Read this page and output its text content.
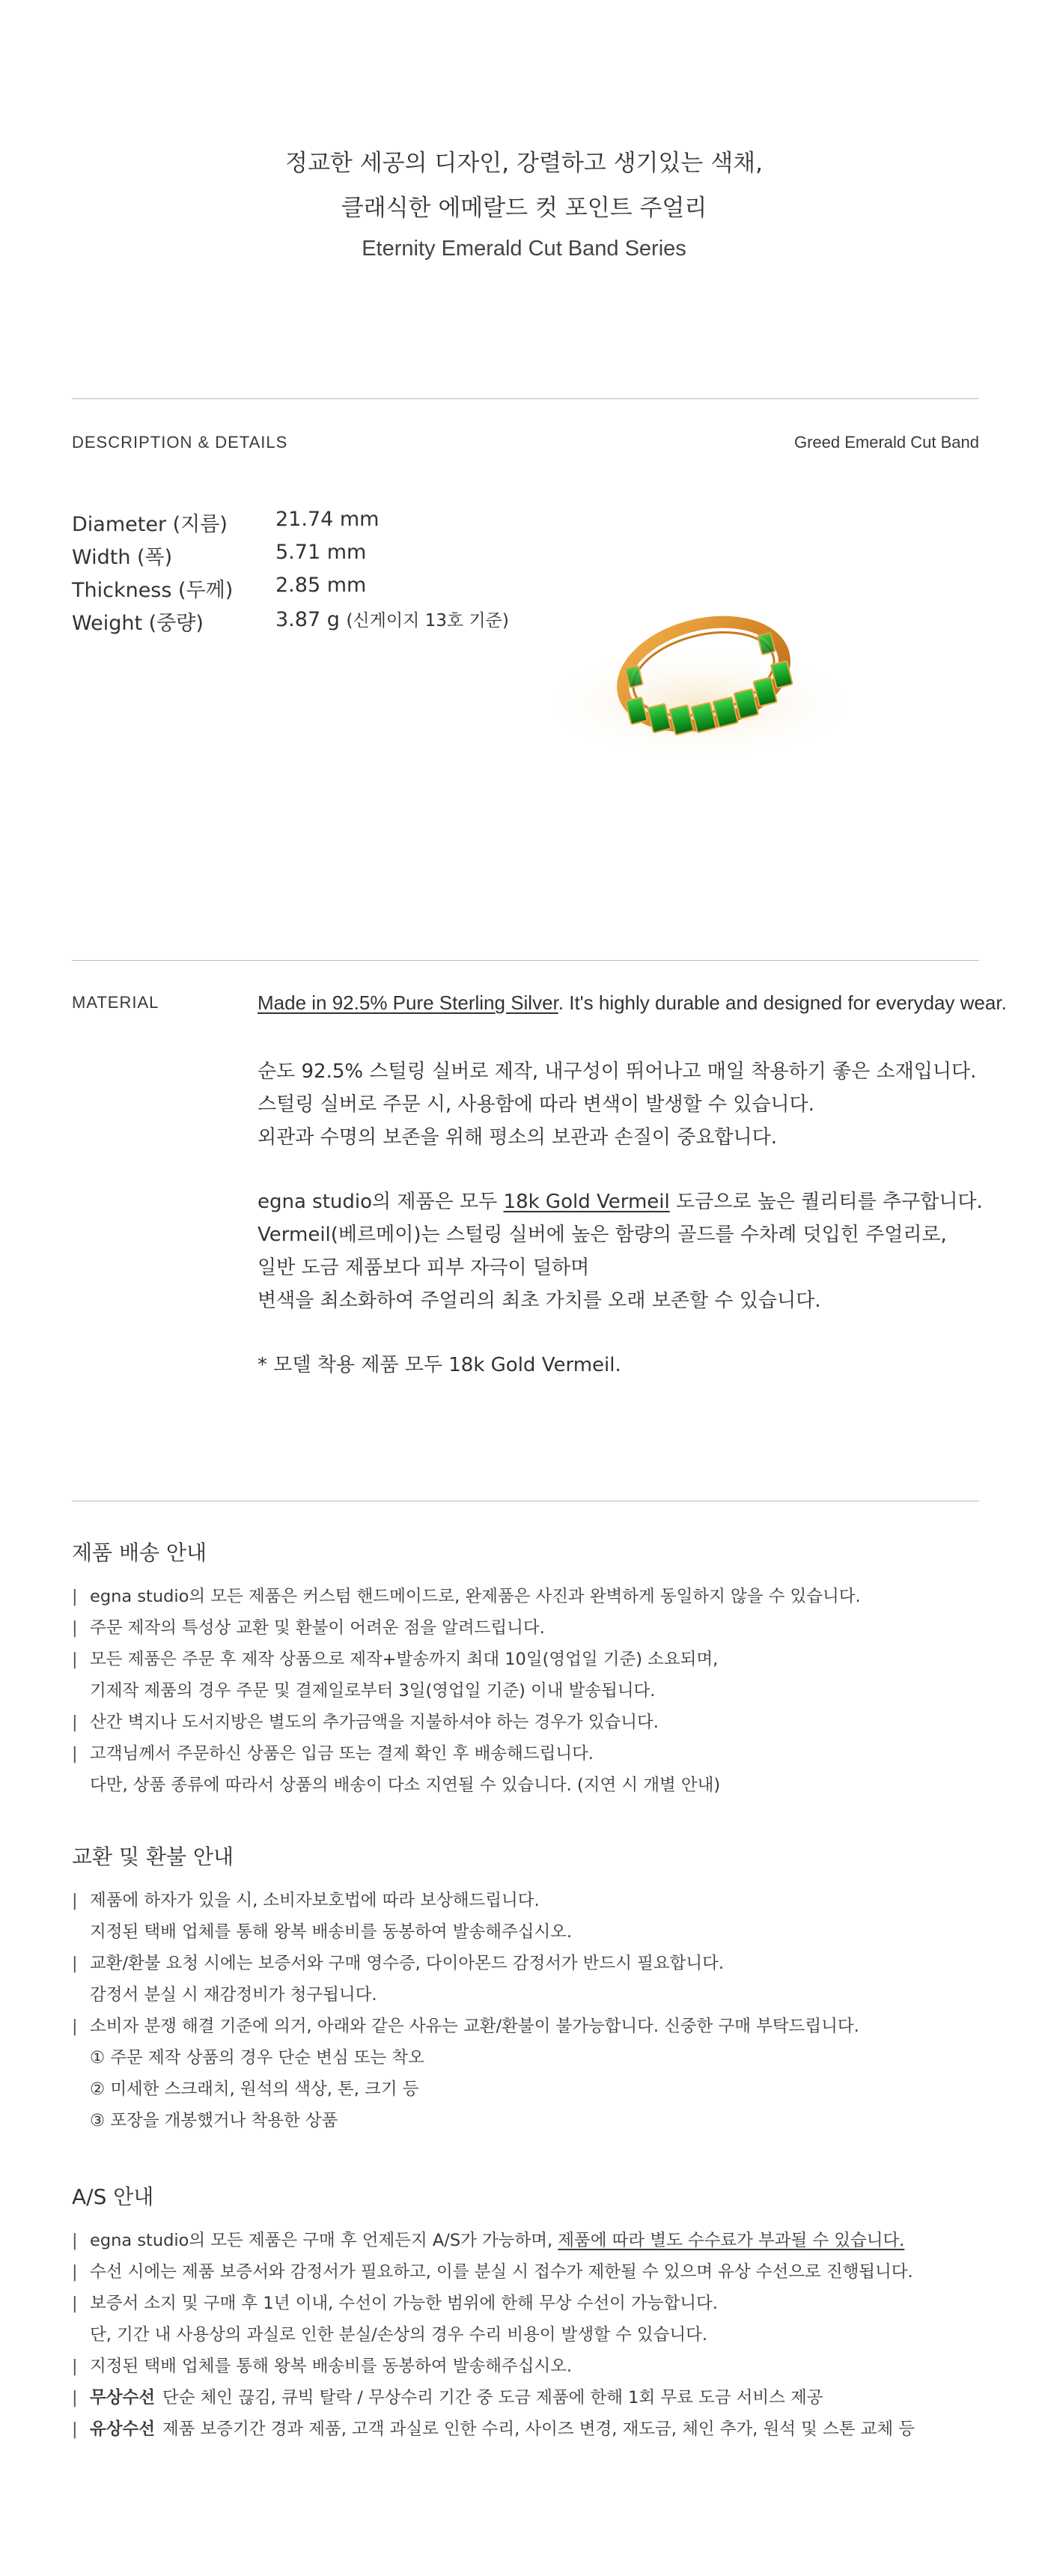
정교한 세공의 디자인, 강렬하고 생기있는 색채,
클래식한 에메랄드 컷 포인트 주얼리
Eternity Emerald Cut Band Series
DESCRIPTION & DETAILS	Greed Emerald Cut Band
Diameter (지름) 21.74 mm
Width (폭)	5.71 mm
Thickness (두께) 2.85 mm
Weight (중량)	3.87 g (신게이지 13호 기준)
MATERIAL	Made in 92.5% Pure Sterling Silver. It's highly durable and designed for everyday wear.
순도 92.5% 스털링 실버로 제작, 내구성이 뛰어나고 매일 착용하기 좋은 소재입니다.
스털링 실버로 주문 시, 사용함에 따라 변색이 발생할 수 있습니다.
외관과 수명의 보존을 위해 평소의 보관과 손질이 중요합니다.
egna studio의 제품은 모두 18k Gold Vermeil 도금으로 높은 퀄리티를 추구합니다.
Vermeil(베르메이)는 스털링 실버에 높은 함량의 골드를 수차례 덧입힌 주얼리로,
일반 도금 제품보다 피부 자극이 덜하며
변색을 최소화하여 주얼리의 최초 가치를 오래 보존할 수 있습니다.
* 모델 착용 제품 모두 18k Gold Vermeil.
제품 배송 안내
| egna studio의 모든 제품은 커스텀 핸드메이드로, 완제품은 사진과 완벽하게 동일하지 않을 수 있습니다.
| 주문 제작의 특성상 교환 및 환불이 어려운 점을 알려드립니다.
| 모든 제품은 주문 후 제작 상품으로 제작+발송까지 최대 10일(영업일 기준) 소요되며,
기제작 제품의 경우 주문 및 결제일로부터 3일(영업일 기준) 이내 발송됩니다.
| 산간 벽지나 도서지방은 별도의 추가금액을 지불하셔야 하는 경우가 있습니다.
| 고객님께서 주문하신 상품은 입금 또는 결제 확인 후 배송해드립니다.
다만, 상품 종류에 따라서 상품의 배송이 다소 지연될 수 있습니다. (지연 시 개별 안내)
교환 및 환불 안내
| 제품에 하자가 있을 시, 소비자보호법에 따라 보상해드립니다.
지정된 택배 업체를 통해 왕복 배송비를 동봉하여 발송해주십시오.
| 교환/환불 요청 시에는 보증서와 구매 영수증, 다이아몬드 감정서가 반드시 필요합니다.
감정서 분실 시 재감정비가 청구됩니다.
| 소비자 분쟁 해결 기준에 의거, 아래와 같은 사유는 교환/환불이 불가능합니다. 신중한 구매 부탁드립니다.
① 주문 제작 상품의 경우 단순 변심 또는 착오
② 미세한 스크래치, 원석의 색상, 톤, 크기 등
③ 포장을 개봉했거나 착용한 상품
A/S 안내
| egna studio의 모든 제품은 구매 후 언제든지 A/S가 가능하며, 제품에 따라 별도 수수료가 부과될 수 있습니다.
| 수선 시에는 제품 보증서와 감정서가 필요하고, 이를 분실 시 접수가 제한될 수 있으며 유상 수선으로 진행됩니다.
| 보증서 소지 및 구매 후 1년 이내, 수선이 가능한 범위에 한해 무상 수선이 가능합니다.
단, 기간 내 사용상의 과실로 인한 분실/손상의 경우 수리 비용이 발생할 수 있습니다.
| 지정된 택배 업체를 통해 왕복 배송비를 동봉하여 발송해주십시오.
| 무상수선 단순 체인 끊김, 큐빅 탈락 / 무상수리 기간 중 도금 제품에 한해 1회 무료 도금 서비스 제공
| 유상수선 제품 보증기간 경과 제품, 고객 과실로 인한 수리, 사이즈 변경, 재도금, 체인 추가, 원석 및 스톤 교체 등
